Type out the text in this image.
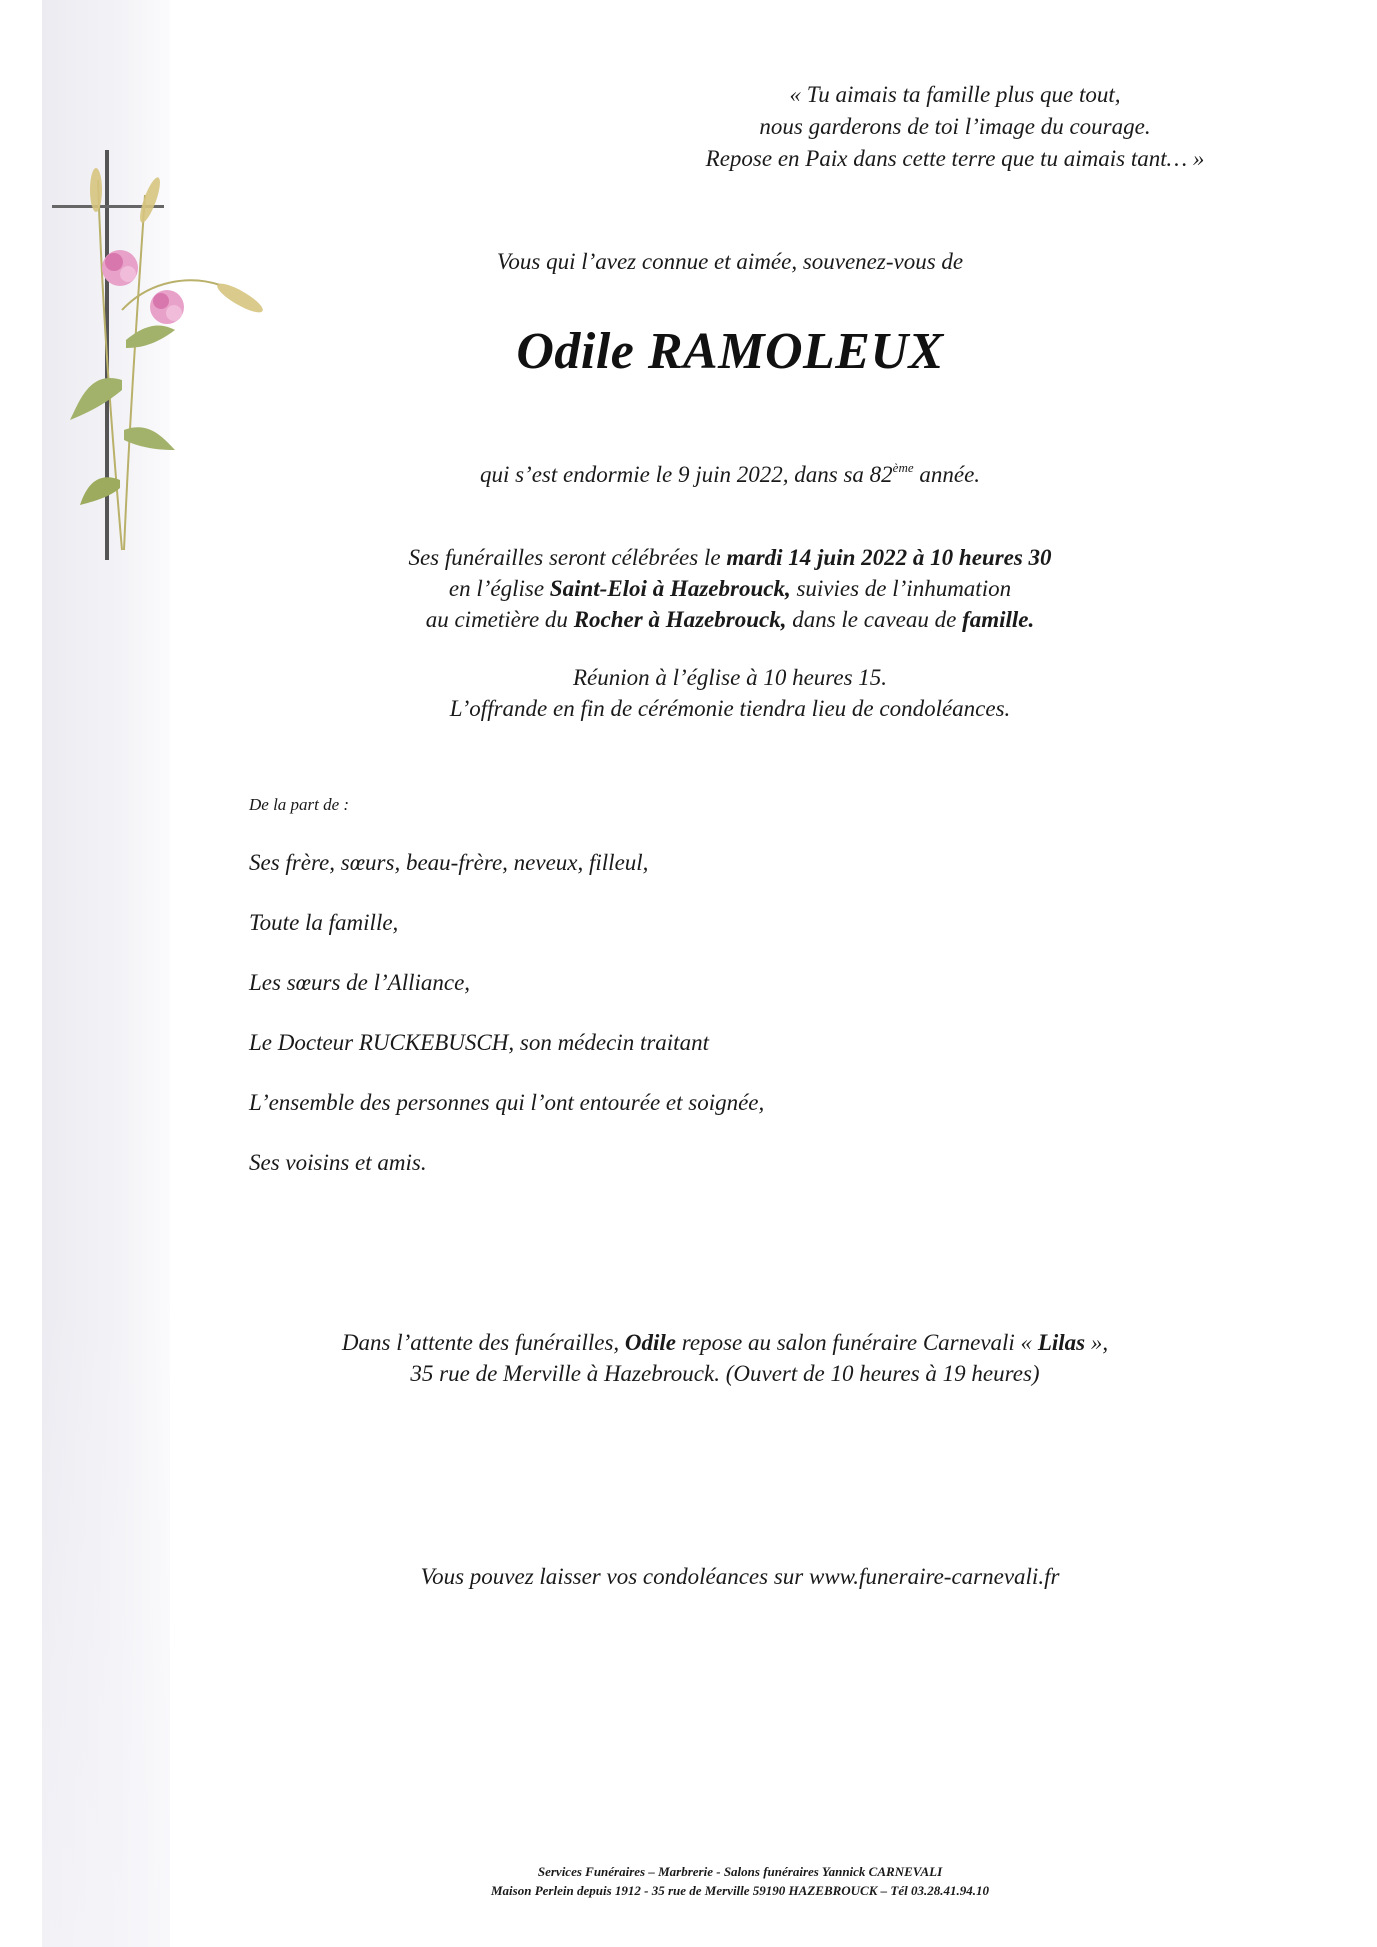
« Tu aimais ta famille plus que tout,
nous garderons de toi l’image du courage.
Repose en Paix dans cette terre que tu aimais tant… »
Vous qui l’avez connue et aimée, souvenez-vous de
Odile RAMOLEUX
qui s’est endormie le 9 juin 2022, dans sa 82ème année.
Ses funérailles seront célébrées le mardi 14 juin 2022 à 10 heures 30
en l’église Saint-Eloi à Hazebrouck, suivies de l’inhumation
au cimetière du Rocher à Hazebrouck, dans le caveau de famille.
Réunion à l’église à 10 heures 15.
L’offrande en fin de cérémonie tiendra lieu de condoléances.
De la part de :
Ses frère, sœurs, beau-frère, neveux, filleul,
Toute la famille,
Les sœurs de l’Alliance,
Le Docteur RUCKEBUSCH, son médecin traitant
L’ensemble des personnes qui l’ont entourée et soignée,
Ses voisins et amis.
Dans l’attente des funérailles, Odile repose au salon funéraire Carnevali « Lilas »,
35 rue de Merville à Hazebrouck. (Ouvert de 10 heures à 19 heures)
Vous pouvez laisser vos condoléances sur www.funeraire-carnevali.fr
Services Funéraires – Marbrerie - Salons funéraires Yannick CARNEVALI
Maison Perlein depuis 1912 - 35 rue de Merville 59190 HAZEBROUCK – Tél 03.28.41.94.10
